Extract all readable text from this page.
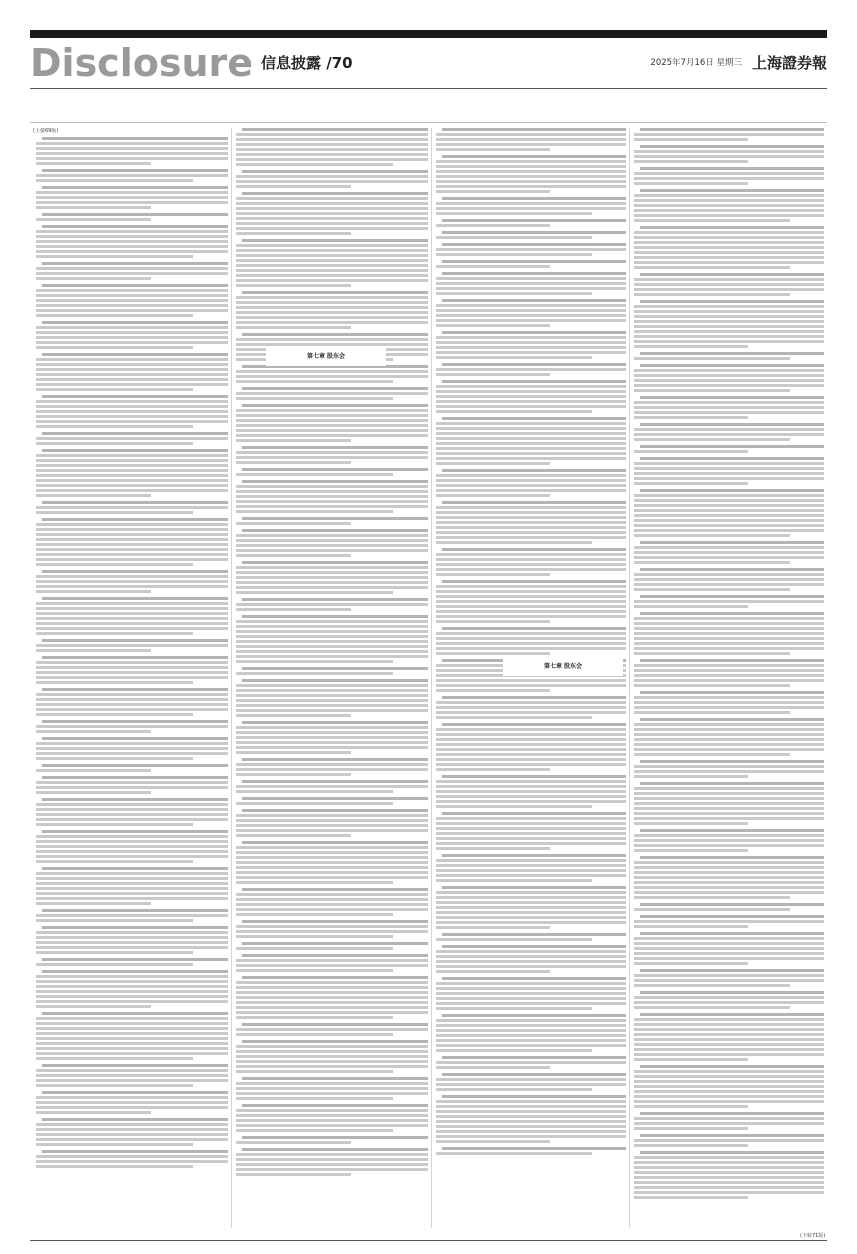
Disclosure 信息披露 /70	2025年7月16日 星期三 上海證券報
(上接69版)
第七章 股东会
第七章 股东会
(下转71版)
